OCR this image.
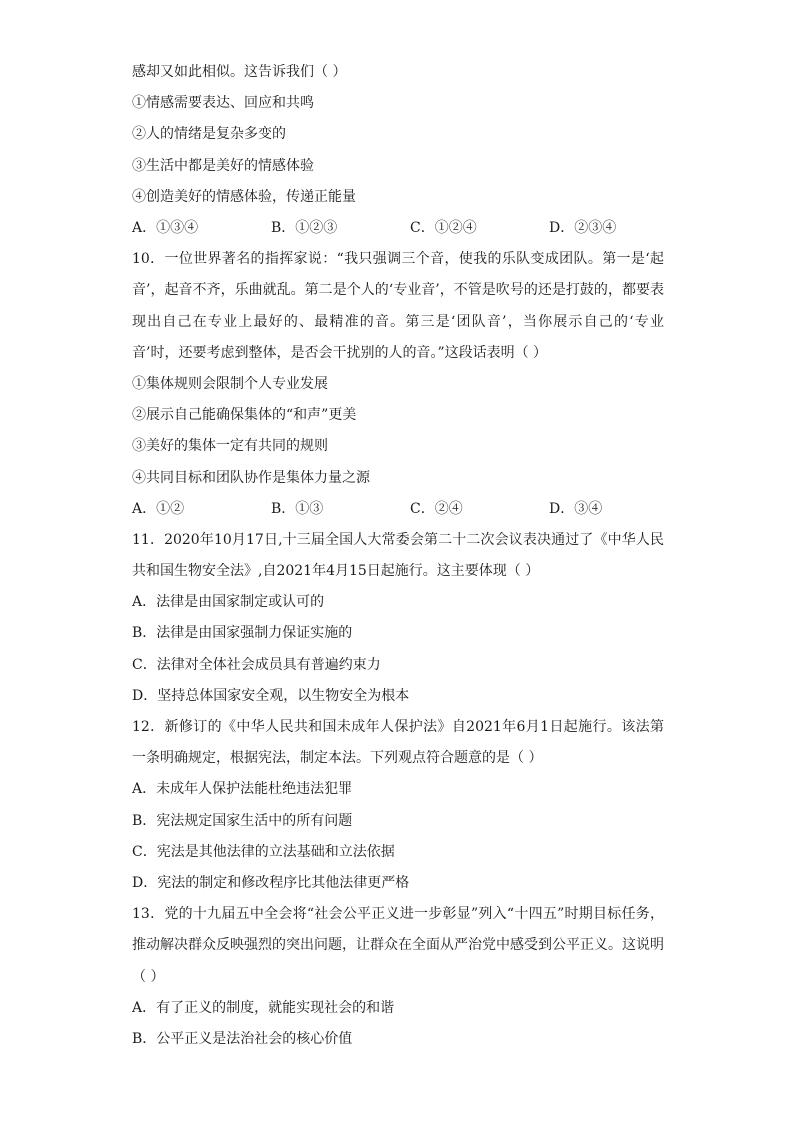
感却又如此相似。这告诉我们（ ）
①情感需要表达、回应和共鸣
②人的情绪是复杂多变的
③生活中都是美好的情感体验
④创造美好的情感体验，传递正能量
A．①③④	B．①②③	C．①②④	D．②③④

10．一位世界著名的指挥家说：“我只强调三个音，使我的乐队变成团队。第一是‘起音’，起音不齐，乐曲就乱。第二是个人的‘专业音’，不管是吹号的还是打鼓的，都要表现出自己在专业上最好的、最精准的音。第三是‘团队音’，当你展示自己的‘专业音’时，还要考虑到整体，是否会干扰别的人的音。”这段话表明（ ）

①集体规则会限制个人专业发展
②展示自己能确保集体的“和声”更美
③美好的集体一定有共同的规则
④共同目标和团队协作是集体力量之源
A．①②	B．①③	C．②④	D．③④

11．2020年10月17日,十三届全国人大常委会第二十二次会议表决通过了《中华人民共和国生物安全法》,自2021年4月15日起施行。这主要体现（ ）

A．法律是由国家制定或认可的
B．法律是由国家强制力保证实施的
C．法律对全体社会成员具有普遍约束力
D．坚持总体国家安全观，以生物安全为根本

12．新修订的《中华人民共和国未成年人保护法》自2021年6月1日起施行。该法第一条明确规定，根据宪法，制定本法。下列观点符合题意的是（ ）

A．未成年人保护法能杜绝违法犯罪
B．宪法规定国家生活中的所有问题
C．宪法是其他法律的立法基础和立法依据
D．宪法的制定和修改程序比其他法律更严格

13．党的十九届五中全会将“社会公平正义进一步彰显”列入“十四五”时期目标任务，推动解决群众反映强烈的突出问题，让群众在全面从严治党中感受到公平正义。这说明（ ）

A．有了正义的制度，就能实现社会的和谐
B．公平正义是法治社会的核心价值
